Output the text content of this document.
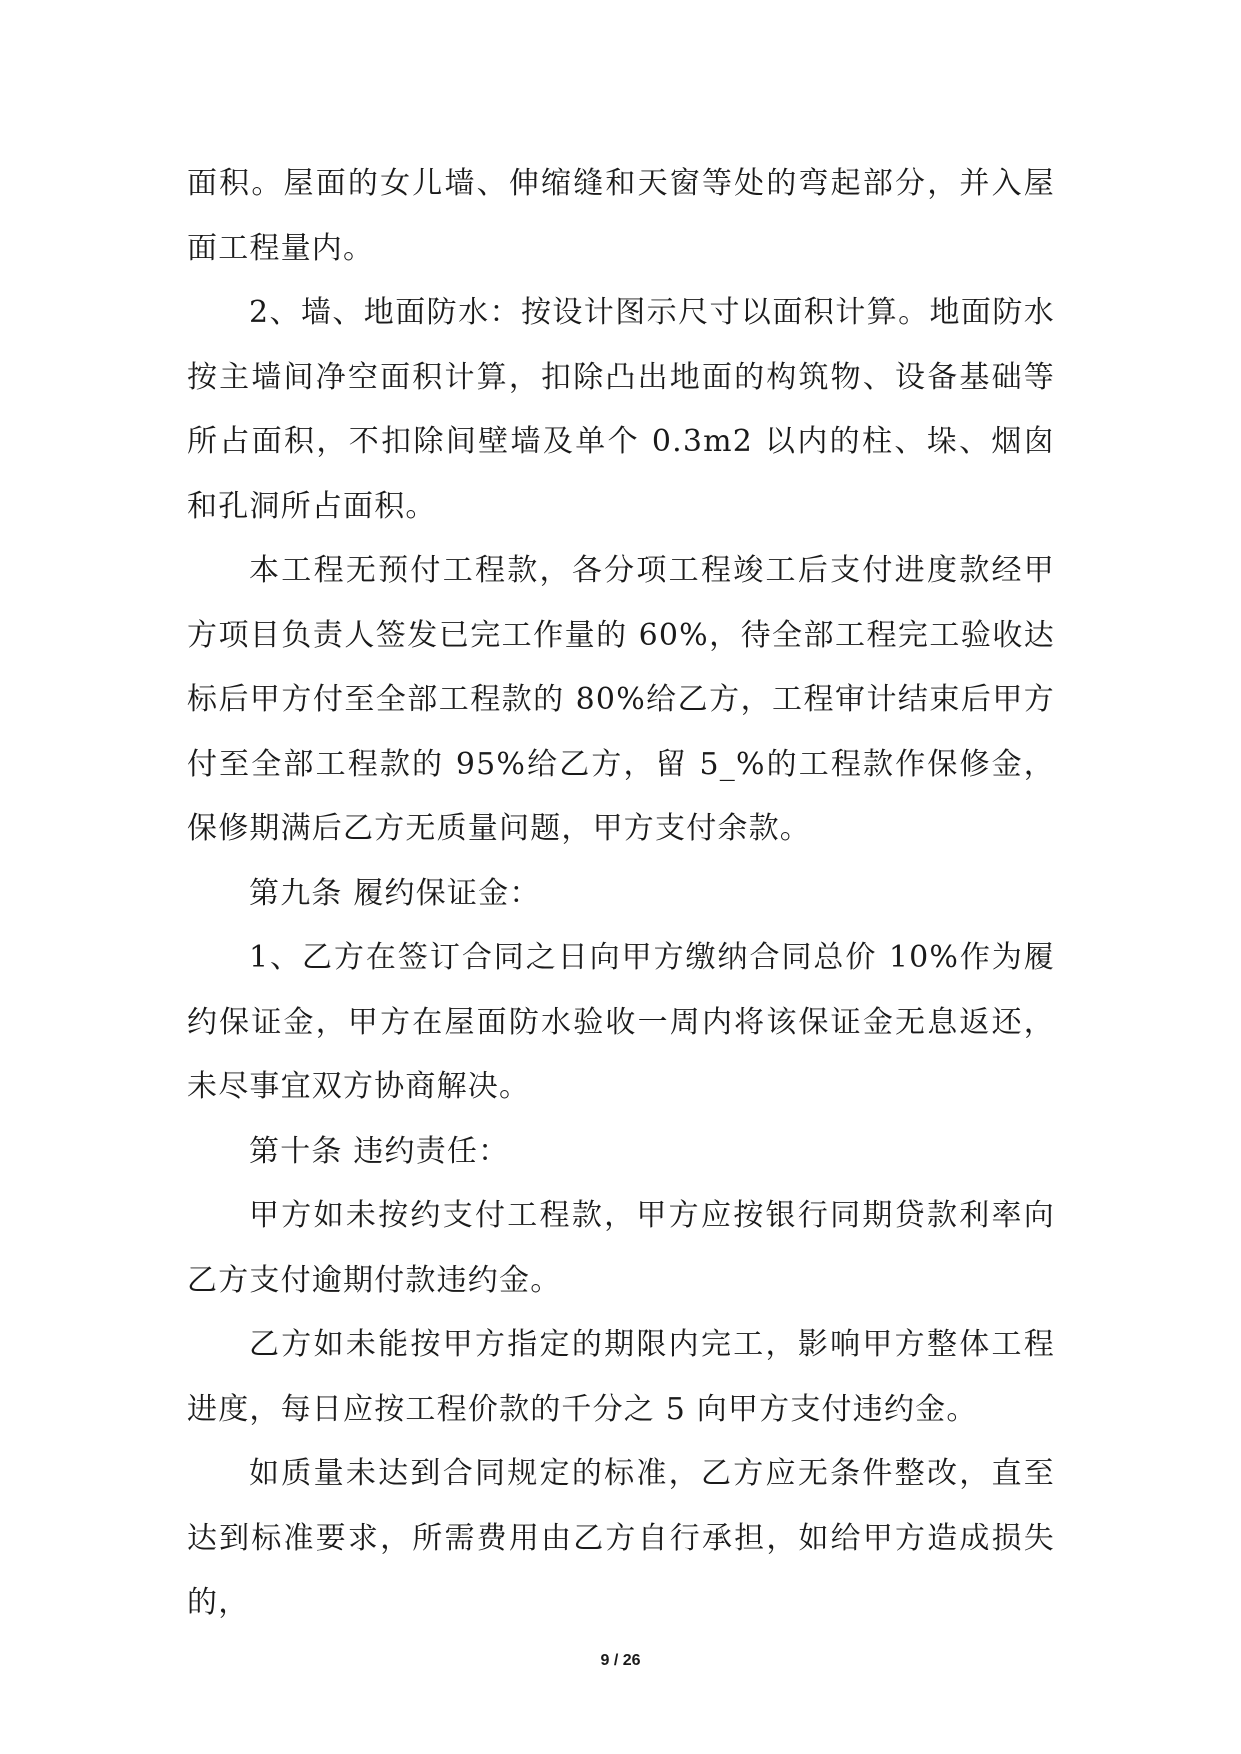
面积。屋面的女儿墙、伸缩缝和天窗等处的弯起部分，并入屋面工程量内。

2、墙、地面防水：按设计图示尺寸以面积计算。地面防水按主墙间净空面积计算，扣除凸出地面的构筑物、设备基础等所占面积，不扣除间壁墙及单个 0.3m2 以内的柱、垛、烟囱和孔洞所占面积。

本工程无预付工程款，各分项工程竣工后支付进度款经甲方项目负责人签发已完工作量的 60%，待全部工程完工验收达标后甲方付至全部工程款的 80%给乙方，工程审计结束后甲方付至全部工程款的 95%给乙方，留 5_%的工程款作保修金，保修期满后乙方无质量问题，甲方支付余款。

第九条 履约保证金：

1、乙方在签订合同之日向甲方缴纳合同总价 10%作为履约保证金，甲方在屋面防水验收一周内将该保证金无息返还，未尽事宜双方协商解决。

第十条 违约责任：

甲方如未按约支付工程款，甲方应按银行同期贷款利率向乙方支付逾期付款违约金。

乙方如未能按甲方指定的期限内完工，影响甲方整体工程进度，每日应按工程价款的千分之 5 向甲方支付违约金。

如质量未达到合同规定的标准，乙方应无条件整改，直至达到标准要求，所需费用由乙方自行承担，如给甲方造成损失的，

9 / 26
